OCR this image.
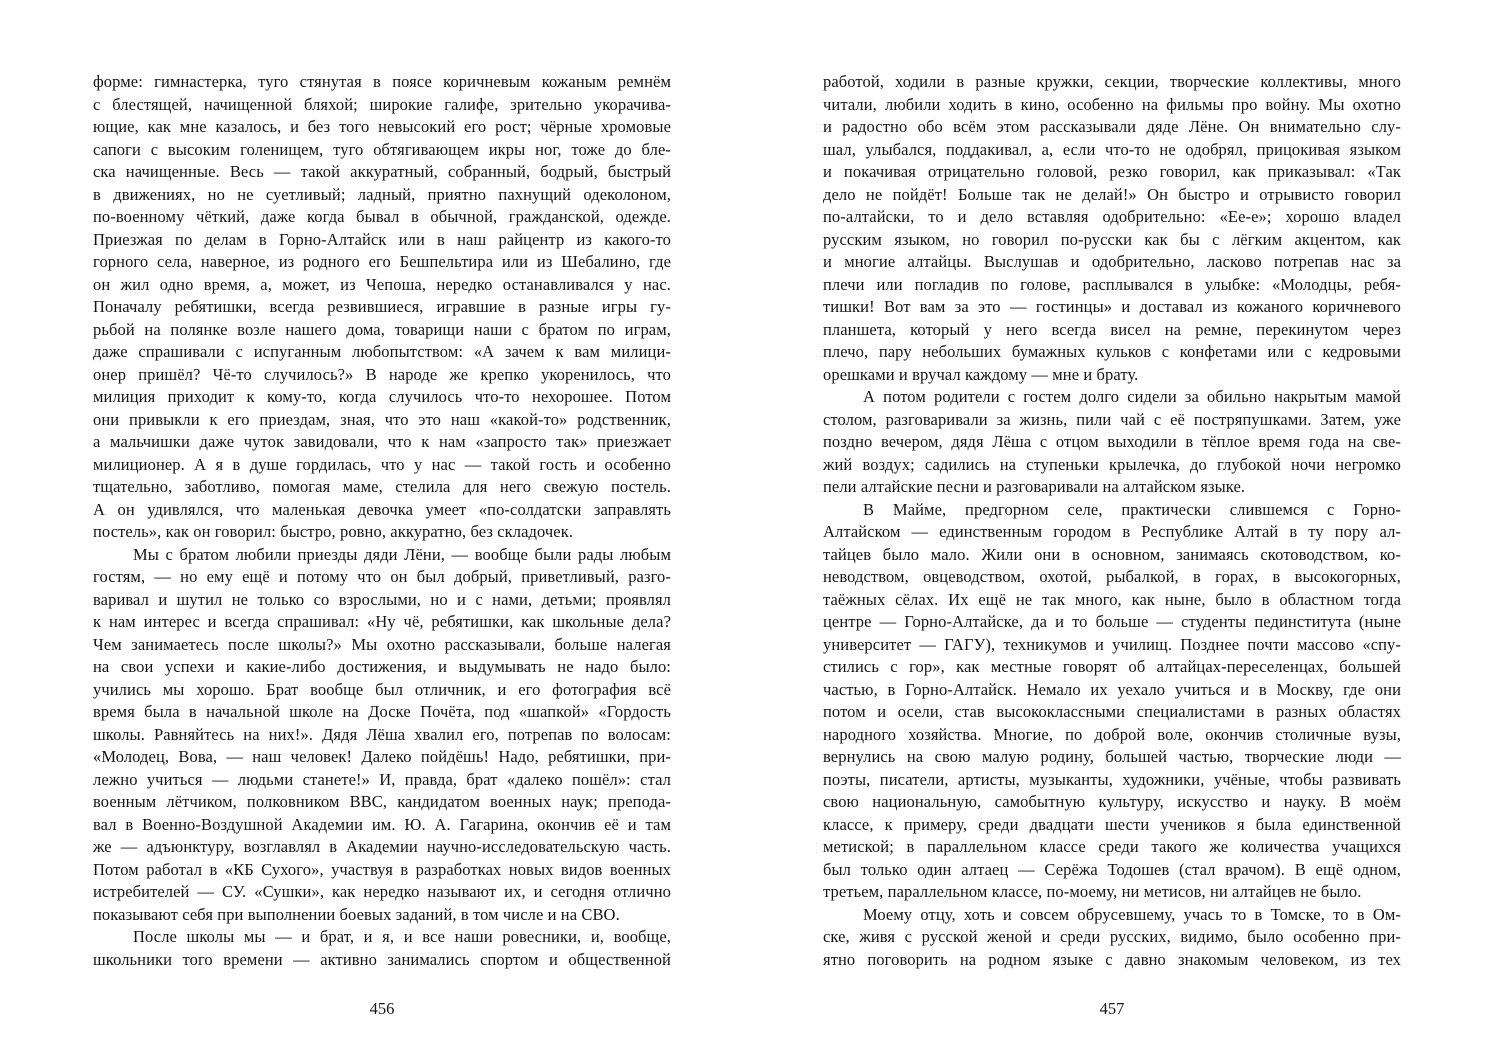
форме: гимнастерка, туго стянутая в поясе коричневым кожаным ремнём
с блестящей, начищенной бляхой; широкие галифе, зрительно укорачива-
ющие, как мне казалось, и без того невысокий его рост; чёрные хромовые
сапоги с высоким голенищем, туго обтягивающем икры ног, тоже до бле-
ска начищенные. Весь — такой аккуратный, собранный, бодрый, быстрый
в движениях, но не суетливый; ладный, приятно пахнущий одеколоном,
по-военному чёткий, даже когда бывал в обычной, гражданской, одежде.
Приезжая по делам в Горно-Алтайск или в наш райцентр из какого-то
горного села, наверное, из родного его Бешпельтира или из Шебалино, где
он жил одно время, а, может, из Чепоша, нередко останавливался у нас.
Поначалу ребятишки, всегда резвившиеся, игравшие в разные игры гу-
рьбой на полянке возле нашего дома, товарищи наши с братом по играм,
даже спрашивали с испуганным любопытством: «А зачем к вам милици-
онер пришёл? Чё-то случилось?» В народе же крепко укоренилось, что
милиция приходит к кому-то, когда случилось что-то нехорошее. Потом
они привыкли к его приездам, зная, что это наш «какой-то» родственник,
а мальчишки даже чуток завидовали, что к нам «запросто так» приезжает
милиционер. А я в душе гордилась, что у нас — такой гость и особенно
тщательно, заботливо, помогая маме, стелила для него свежую постель.
А он удивлялся, что маленькая девочка умеет «по-солдатски заправлять
постель», как он говорил: быстро, ровно, аккуратно, без складочек.
Мы с братом любили приезды дяди Лёни, — вообще были рады любым
гостям, — но ему ещё и потому что он был добрый, приветливый, разго-
варивал и шутил не только со взрослыми, но и с нами, детьми; проявлял
к нам интерес и всегда спрашивал: «Ну чё, ребятишки, как школьные дела?
Чем занимаетесь после школы?» Мы охотно рассказывали, больше налегая
на свои успехи и какие-либо достижения, и выдумывать не надо было:
учились мы хорошо. Брат вообще был отличник, и его фотография всё
время была в начальной школе на Доске Почёта, под «шапкой» «Гордость
школы. Равняйтесь на них!». Дядя Лёша хвалил его, потрепав по волосам:
«Молодец, Вова, — наш человек! Далеко пойдёшь! Надо, ребятишки, при-
лежно учиться — людьми станете!» И, правда, брат «далеко пошёл»: стал
военным лётчиком, полковником ВВС, кандидатом военных наук; препода-
вал в Военно-Воздушной Академии им. Ю. А. Гагарина, окончив её и там
же — адъюнктуру, возглавлял в Академии научно-исследовательскую часть.
Потом работал в «КБ Сухого», участвуя в разработках новых видов военных
истребителей — СУ. «Сушки», как нередко называют их, и сегодня отлично
показывают себя при выполнении боевых заданий, в том числе и на СВО.
После школы мы — и брат, и я, и все наши ровесники, и, вообще,
школьники того времени — активно занимались спортом и общественной
456
работой, ходили в разные кружки, секции, творческие коллективы, много
читали, любили ходить в кино, особенно на фильмы про войну. Мы охотно
и радостно обо всём этом рассказывали дяде Лёне. Он внимательно слу-
шал, улыбался, поддакивал, а, если что-то не одобрял, прицокивая языком
и покачивая отрицательно головой, резко говорил, как приказывал: «Так
дело не пойдёт! Больше так не делай!» Он быстро и отрывисто говорил
по-алтайски, то и дело вставляя одобрительно: «Ее-е»; хорошо владел
русским языком, но говорил по-русски как бы с лёгким акцентом, как
и многие алтайцы. Выслушав и одобрительно, ласково потрепав нас за
плечи или погладив по голове, расплывался в улыбке: «Молодцы, ребя-
тишки! Вот вам за это — гостинцы» и доставал из кожаного коричневого
планшета, который у него всегда висел на ремне, перекинутом через
плечо, пару небольших бумажных кульков с конфетами или с кедровыми
орешками и вручал каждому — мне и брату.
А потом родители с гостем долго сидели за обильно накрытым мамой
столом, разговаривали за жизнь, пили чай с её постряпушками. Затем, уже
поздно вечером, дядя Лёша с отцом выходили в тёплое время года на све-
жий воздух; садились на ступеньки крылечка, до глубокой ночи негромко
пели алтайские песни и разговаривали на алтайском языке.
В Майме, предгорном селе, практически слившемся с Горно-
Алтайском — единственным городом в Республике Алтай в ту пору ал-
тайцев было мало. Жили они в основном, занимаясь скотоводством, ко-
неводством, овцеводством, охотой, рыбалкой, в горах, в высокогорных,
таёжных сёлах. Их ещё не так много, как ныне, было в областном тогда
центре — Горно-Алтайске, да и то больше — студенты пединститута (ныне
университет — ГАГУ), техникумов и училищ. Позднее почти массово «спу-
стились с гор», как местные говорят об алтайцах-переселенцах, большей
частью, в Горно-Алтайск. Немало их уехало учиться и в Москву, где они
потом и осели, став высококлассными специалистами в разных областях
народного хозяйства. Многие, по доброй воле, окончив столичные вузы,
вернулись на свою малую родину, большей частью, творческие люди —
поэты, писатели, артисты, музыканты, художники, учёные, чтобы развивать
свою национальную, самобытную культуру, искусство и науку. В моём
классе, к примеру, среди двадцати шести учеников я была единственной
метиской; в параллельном классе среди такого же количества учащихся
был только один алтаец — Серёжа Тодошев (стал врачом). В ещё одном,
третьем, параллельном классе, по-моему, ни метисов, ни алтайцев не было.
Моему отцу, хоть и совсем обрусевшему, учась то в Томске, то в Ом-
ске, живя с русской женой и среди русских, видимо, было особенно при-
ятно поговорить на родном языке с давно знакомым человеком, из тех
457
